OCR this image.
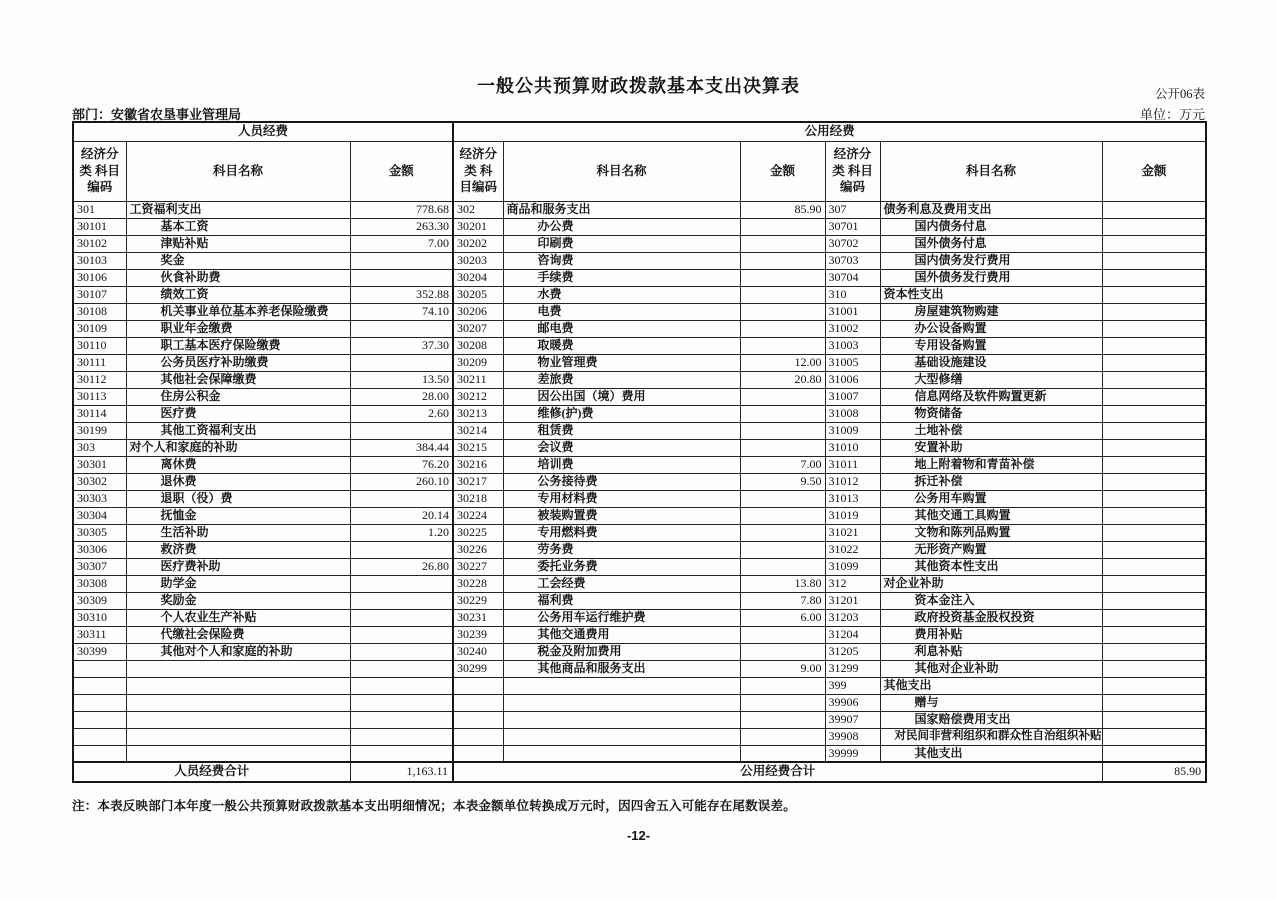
一般公共预算财政拨款基本支出决算表	公开06表
部门：安徽省农垦事业管理局	单位：万元
人员经费			公用经费					
经济分类 科目编码	科目名称	金额	经济分类 科目编码	科目名称	金额	经济分类 科目编码	科目名称	金额
301	工资福利支出	778.68	302	商品和服务支出	85.90	307	债务利息及费用支出	
30101	基本工资	263.30	30201	办公费		30701	国内债务付息	
30102	津贴补贴	7.00	30202	印刷费		30702	国外债务付息	
30103	奖金		30203	咨询费		30703	国内债务发行费用	
30106	伙食补助费		30204	手续费		30704	国外债务发行费用	
30107	绩效工资	352.88	30205	水费		310	资本性支出	
30108	机关事业单位基本养老保险缴费	74.10	30206	电费		31001	房屋建筑物购建	
30109	职业年金缴费		30207	邮电费		31002	办公设备购置	
30110	职工基本医疗保险缴费	37.30	30208	取暖费		31003	专用设备购置	
30111	公务员医疗补助缴费		30209	物业管理费	12.00	31005	基础设施建设	
30112	其他社会保障缴费	13.50	30211	差旅费	20.80	31006	大型修缮	
30113	住房公积金	28.00	30212	因公出国（境）费用		31007	信息网络及软件购置更新	
30114	医疗费	2.60	30213	维修(护)费		31008	物资储备	
30199	其他工资福利支出		30214	租赁费		31009	土地补偿	
303	对个人和家庭的补助	384.44	30215	会议费		31010	安置补助	
30301	离休费	76.20	30216	培训费	7.00	31011	地上附着物和青苗补偿	
30302	退休费	260.10	30217	公务接待费	9.50	31012	拆迁补偿	
30303	退职（役）费		30218	专用材料费		31013	公务用车购置	
30304	抚恤金	20.14	30224	被装购置费		31019	其他交通工具购置	
30305	生活补助	1.20	30225	专用燃料费		31021	文物和陈列品购置	
30306	救济费		30226	劳务费		31022	无形资产购置	
30307	医疗费补助	26.80	30227	委托业务费		31099	其他资本性支出	
30308	助学金		30228	工会经费	13.80	312	对企业补助	
30309	奖励金		30229	福利费	7.80	31201	资本金注入	
30310	个人农业生产补贴		30231	公务用车运行维护费	6.00	31203	政府投资基金股权投资	
30311	代缴社会保险费		30239	其他交通费用		31204	费用补贴	
30399	其他对个人和家庭的补助		30240	税金及附加费用		31205	利息补贴	
			30299	其他商品和服务支出	9.00	31299	其他对企业补助	
						399	其他支出	
						39906	赠与	
						39907	国家赔偿费用支出	
						39908	对民间非营利组织和群众性自治组织补贴	
						39999	其他支出	
人员经费合计		1,163.11	公用经费合计					85.90
注：本表反映部门本年度一般公共预算财政拨款基本支出明细情况；本表金额单位转换成万元时，因四舍五入可能存在尾数误差。
-12-
